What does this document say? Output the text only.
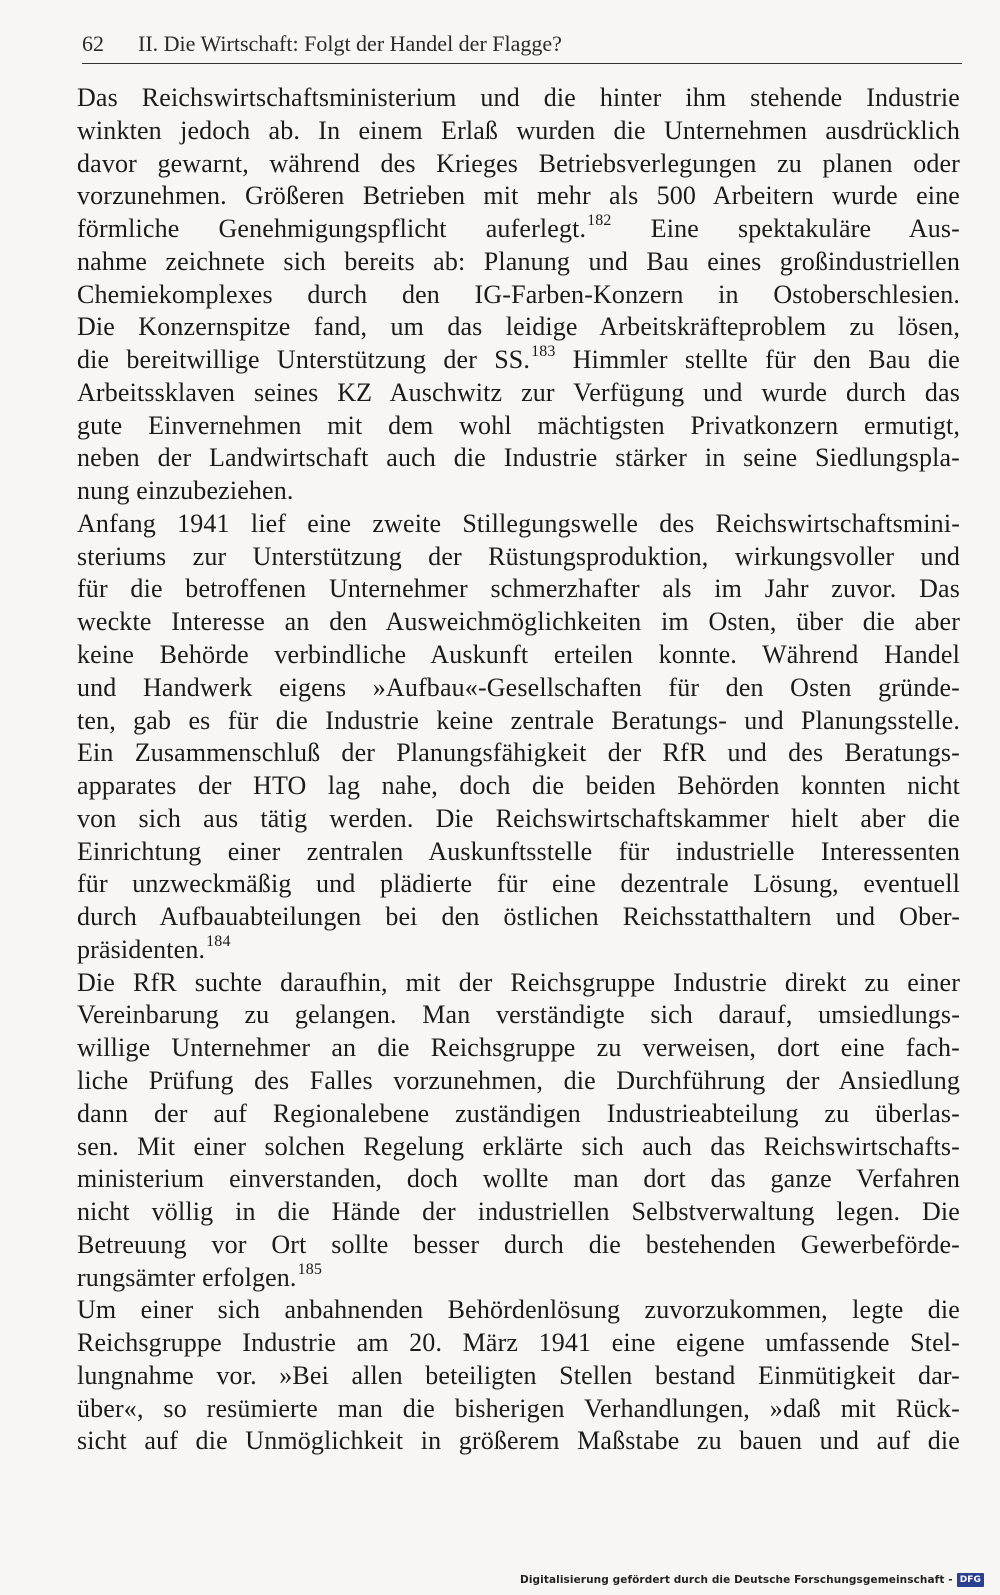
62 II. Die Wirtschaft: Folgt der Handel der Flagge?
Das Reichswirtschaftsministerium und die hinter ihm stehende Industrie
winkten jedoch ab. In einem Erlaß wurden die Unternehmen ausdrücklich
davor gewarnt, während des Krieges Betriebsverlegungen zu planen oder
vorzunehmen. Größeren Betrieben mit mehr als 500 Arbeitern wurde eine
förmliche Genehmigungspflicht auferlegt.$^{182}$ Eine spektakuläre Aus-
nahme zeichnete sich bereits ab: Planung und Bau eines großindustriellen
Chemiekomplexes durch den IG-Farben-Konzern in Ostoberschlesien.
Die Konzernspitze fand, um das leidige Arbeitskräfteproblem zu lösen,
die bereitwillige Unterstützung der SS.$^{183}$ Himmler stellte für den Bau die
Arbeitssklaven seines KZ Auschwitz zur Verfügung und wurde durch das
gute Einvernehmen mit dem wohl mächtigsten Privatkonzern ermutigt,
neben der Landwirtschaft auch die Industrie stärker in seine Siedlungspla-
nung einzubeziehen.
Anfang 1941 lief eine zweite Stillegungswelle des Reichswirtschaftsmini-
steriums zur Unterstützung der Rüstungsproduktion, wirkungsvoller und
für die betroffenen Unternehmer schmerzhafter als im Jahr zuvor. Das
weckte Interesse an den Ausweichmöglichkeiten im Osten, über die aber
keine Behörde verbindliche Auskunft erteilen konnte. Während Handel
und Handwerk eigens »Aufbau«-Gesellschaften für den Osten gründe-
ten, gab es für die Industrie keine zentrale Beratungs- und Planungsstelle.
Ein Zusammenschluß der Planungsfähigkeit der RfR und des Beratungs-
apparates der HTO lag nahe, doch die beiden Behörden konnten nicht
von sich aus tätig werden. Die Reichswirtschaftskammer hielt aber die
Einrichtung einer zentralen Auskunftsstelle für industrielle Interessenten
für unzweckmäßig und plädierte für eine dezentrale Lösung, eventuell
durch Aufbauabteilungen bei den östlichen Reichsstatthaltern und Ober-
präsidenten.$^{184}$
Die RfR suchte daraufhin, mit der Reichsgruppe Industrie direkt zu einer
Vereinbarung zu gelangen. Man verständigte sich darauf, umsiedlungs-
willige Unternehmer an die Reichsgruppe zu verweisen, dort eine fach-
liche Prüfung des Falles vorzunehmen, die Durchführung der Ansiedlung
dann der auf Regionalebene zuständigen Industrieabteilung zu überlas-
sen. Mit einer solchen Regelung erklärte sich auch das Reichswirtschafts-
ministerium einverstanden, doch wollte man dort das ganze Verfahren
nicht völlig in die Hände der industriellen Selbstverwaltung legen. Die
Betreuung vor Ort sollte besser durch die bestehenden Gewerbeförde-
rungsämter erfolgen.$^{185}$
Um einer sich anbahnenden Behördenlösung zuvorzukommen, legte die
Reichsgruppe Industrie am 20. März 1941 eine eigene umfassende Stel-
lungnahme vor. »Bei allen beteiligten Stellen bestand Einmütigkeit dar-
über«, so resümierte man die bisherigen Verhandlungen, »daß mit Rück-
sicht auf die Unmöglichkeit in größerem Maßstabe zu bauen und auf die
Digitalisierung gefördert durch die Deutsche Forschungsgemeinschaft - DFG
